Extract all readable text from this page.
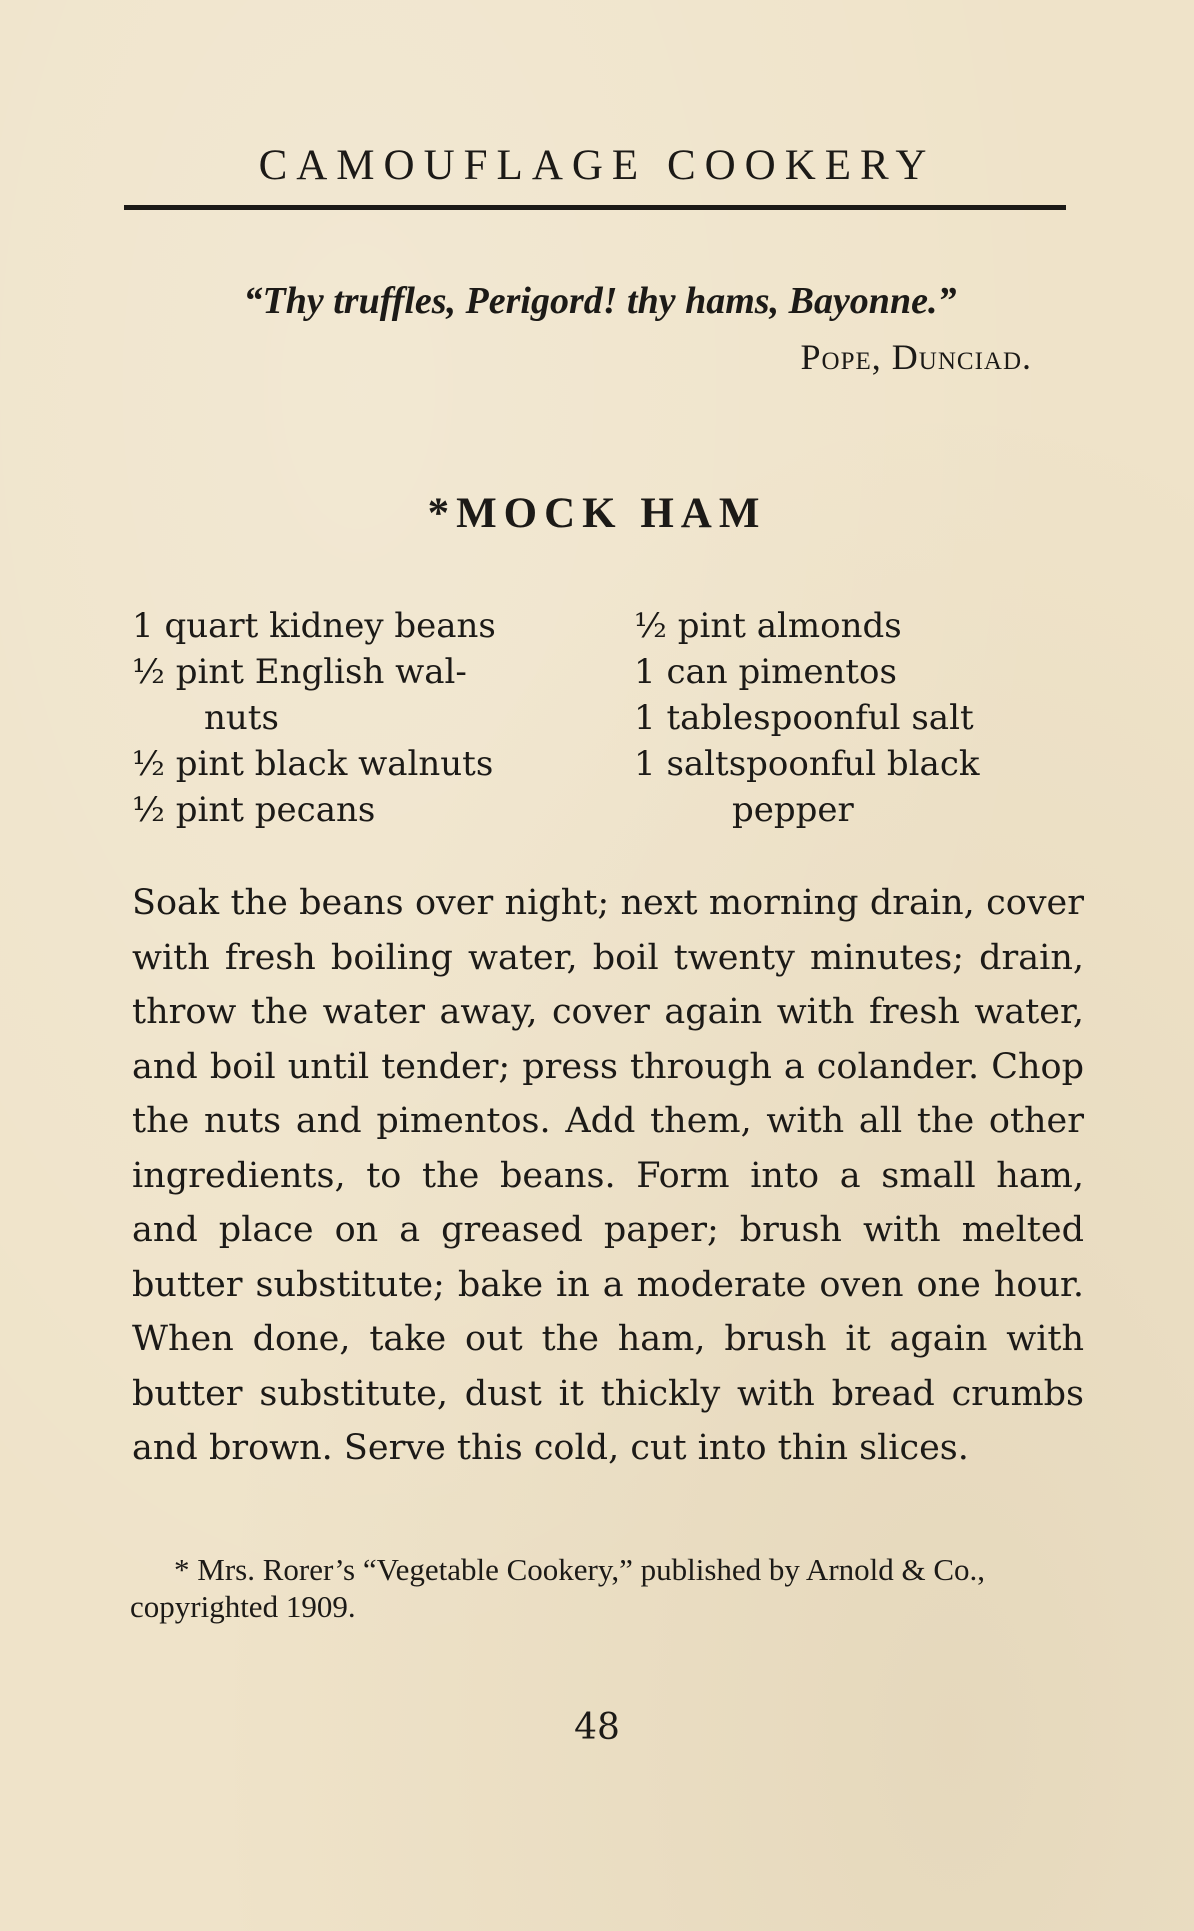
CAMOUFLAGE COOKERY

“Thy truffles, Perigord! thy hams, Bayonne.”

Pope, Dunciad.

*MOCK HAM
1 quart kidney beans
½ pint English wal-
nuts
½ pint black walnuts
½ pint pecans
½ pint almonds
1 can pimentos
1 tablespoonful salt
1 saltspoonful black
pepper

Soak the beans over night; next morning drain, cover with fresh boiling water, boil twenty minutes; drain, throw the water away, cover again with fresh water, and boil until tender; press through a colander. Chop the nuts and pimentos. Add them, with all the other ingredients, to the beans. Form into a small ham, and place on a greased paper; brush with melted butter substitute; bake in a moderate oven one hour. When done, take out the ham, brush it again with butter substitute, dust it thickly with bread crumbs and brown. Serve this cold, cut into thin slices.

* Mrs. Rorer’s “Vegetable Cookery,” published by Arnold & Co., copyrighted 1909.

48
